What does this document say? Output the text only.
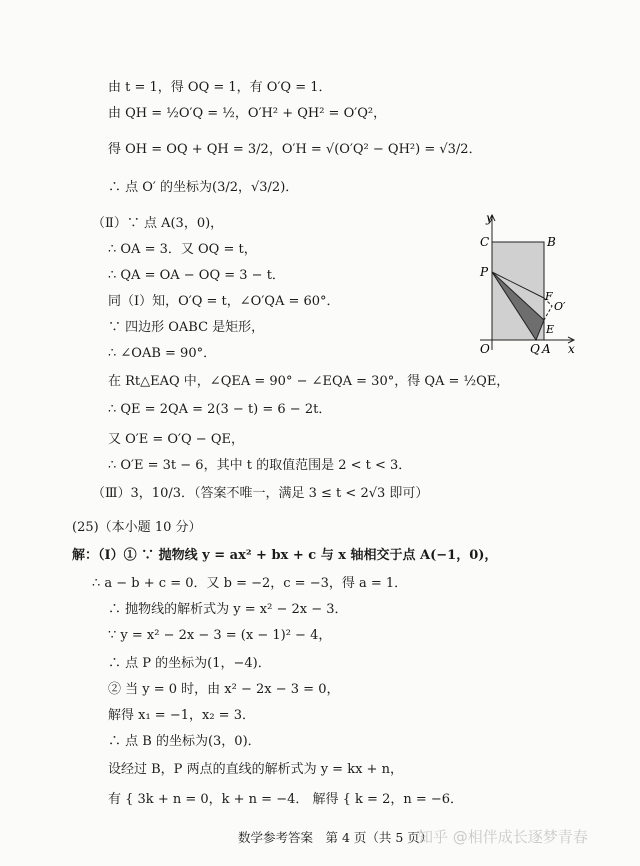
由 t = 1，得 OQ = 1，有 O′Q = 1．
由 QH = ½O′Q = ½，O′H² + QH² = O′Q²，
得 OH = OQ + QH = 3/2，O′H = √(O′Q² − QH²) = √3/2．
∴ 点 O′ 的坐标为(3/2，√3/2)．
（Ⅱ）∵ 点 A(3，0)，
∴ OA = 3．又 OQ = t，
∴ QA = OA − OQ = 3 − t．
同（Ⅰ）知，O′Q = t，∠O′QA = 60°．
∵ 四边形 OABC 是矩形，
∴ ∠OAB = 90°．
在 Rt△EAQ 中，∠QEA = 90° − ∠EQA = 30°，得 QA = ½QE，
∴ QE = 2QA = 2(3 − t) = 6 − 2t．
又 O′E = O′Q − QE，
∴ O′E = 3t − 6，其中 t 的取值范围是 2 < t < 3．
（Ⅲ）3，10/3．（答案不唯一，满足 3 ≤ t < 2√3 即可）
(25)（本小题 10 分）
解：（Ⅰ）① ∵ 抛物线 y = ax² + bx + c 与 x 轴相交于点 A(−1，0)，
∴ a − b + c = 0．又 b = −2，c = −3，得 a = 1．
∴ 抛物线的解析式为 y = x² − 2x − 3．
∵ y = x² − 2x − 3 = (x − 1)² − 4，
∴ 点 P 的坐标为(1，−4)．
② 当 y = 0 时，由 x² − 2x − 3 = 0，
解得 x₁ = −1，x₂ = 3．
∴ 点 B 的坐标为(3，0)．
设经过 B，P 两点的直线的解析式为 y = kx + n，
有 { 3k + n = 0，k + n = −4． 解得 { k = 2，n = −6．
y
C	B
P
F
O′
E
O	Q A x
数学参考答案　第 4 页（共 5 页）
知乎 @相伴成长逐梦青春
